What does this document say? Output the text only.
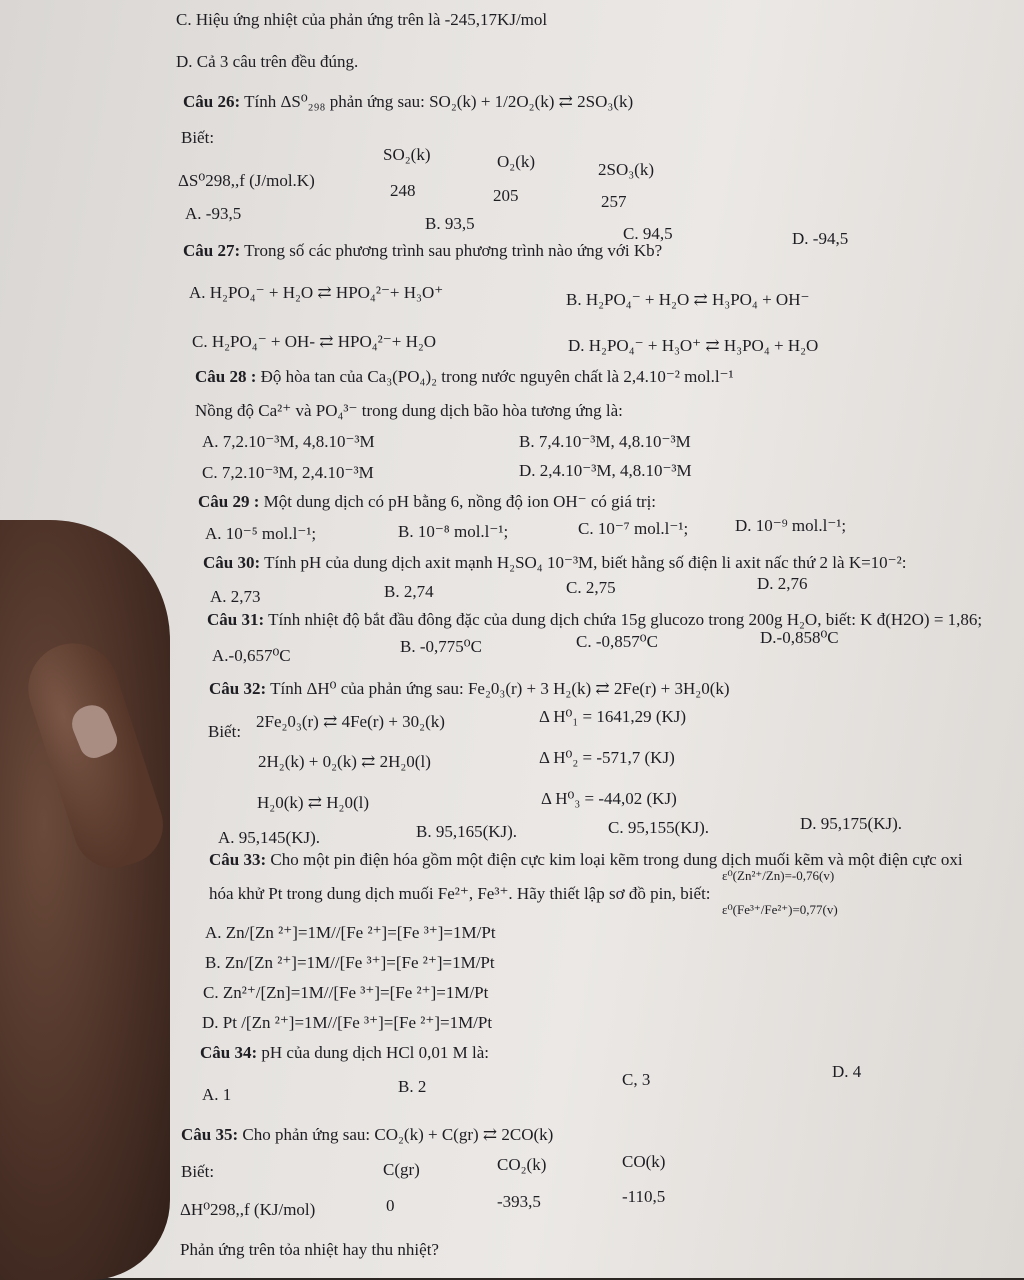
C. Hiệu ứng nhiệt của phản ứng trên là -245,17KJ/mol
D. Cả 3 câu trên đều đúng.
Câu 26: Tính ΔS⁰₂₉₈ phản ứng sau: SO₂(k) + 1/2O₂(k) ⇄ 2SO₃(k)
Biết:
SO₂(k)	O₂(k)	2SO₃(k)
ΔS⁰298,,f (J/mol.K)
248	205	257
A. -93,5
B. 93,5
C. 94,5	D. -94,5
Câu 27: Trong số các phương trình sau phương trình nào ứng với Kb?
A. H₂PO₄⁻ + H₂O ⇄ HPO₄²⁻+ H₃O⁺	B. H₂PO₄⁻ + H₂O ⇄ H₃PO₄ + OH⁻
C. H₂PO₄⁻ + OH- ⇄ HPO₄²⁻+ H₂O	D. H₂PO₄⁻ + H₃O⁺ ⇄ H₃PO₄ + H₂O
Câu 28 : Độ hòa tan của Ca₃(PO₄)₂ trong nước nguyên chất là 2,4.10⁻² mol.l⁻¹
Nồng độ Ca²⁺ và PO₄³⁻ trong dung dịch bão hòa tương ứng là:
A. 7,2.10⁻³M, 4,8.10⁻³M	B. 7,4.10⁻³M, 4,8.10⁻³M
C. 7,2.10⁻³M, 2,4.10⁻³M	D. 2,4.10⁻³M, 4,8.10⁻³M
Câu 29 : Một dung dịch có pH bằng 6, nồng độ ion OH⁻ có giá trị:
A. 10⁻⁵ mol.l⁻¹;	B. 10⁻⁸ mol.l⁻¹;	C. 10⁻⁷ mol.l⁻¹;	D. 10⁻⁹ mol.l⁻¹;
Câu 30: Tính pH của dung dịch axit mạnh H₂SO₄ 10⁻³M, biết hằng số điện li axit nấc thứ 2 là K=10⁻²:
A. 2,73	B. 2,74	C. 2,75	D. 2,76
Câu 31: Tính nhiệt độ bắt đầu đông đặc của dung dịch chứa 15g glucozo trong 200g H₂O, biết: K đ(H2O) = 1,86;
A.-0,657⁰C	B. -0,775⁰C	C. -0,857⁰C	D.-0,858⁰C
Câu 32: Tính ΔH⁰ của phản ứng sau: Fe₂0₃(r) + 3 H₂(k) ⇄ 2Fe(r) + 3H₂0(k)
Biết:
2Fe₂0₃(r) ⇄ 4Fe(r) + 30₂(k)	Δ H⁰₁ = 1641,29 (KJ)
2H₂(k) + 0₂(k) ⇄ 2H₂0(l)	Δ H⁰₂ = -571,7 (KJ)
H₂0(k) ⇄ H₂0(l)	Δ H⁰₃ = -44,02 (KJ)
A. 95,145(KJ).	B. 95,165(KJ).	C. 95,155(KJ).	D. 95,175(KJ).
Câu 33: Cho một pin điện hóa gồm một điện cực kim loại kẽm trong dung dịch muối kẽm và một điện cực oxi
hóa khử Pt trong dung dịch muối Fe²⁺, Fe³⁺. Hãy thiết lập sơ đồ pin, biết:
ε⁰(Zn²⁺/Zn)=-0,76(v)
ε⁰(Fe³⁺/Fe²⁺)=0,77(v)
A. Zn/[Zn ²⁺]=1M//[Fe ²⁺]=[Fe ³⁺]=1M/Pt
B. Zn/[Zn ²⁺]=1M//[Fe ³⁺]=[Fe ²⁺]=1M/Pt
C. Zn²⁺/[Zn]=1M//[Fe ³⁺]=[Fe ²⁺]=1M/Pt
D. Pt /[Zn ²⁺]=1M//[Fe ³⁺]=[Fe ²⁺]=1M/Pt
Câu 34: pH của dung dịch HCl 0,01 M là:
A. 1	B. 2	C, 3	D. 4
Câu 35: Cho phản ứng sau: CO₂(k) + C(gr) ⇄ 2CO(k)
Biết:	C(gr)	CO₂(k)	CO(k)
ΔH⁰298,,f (KJ/mol)	0	-393,5	-110,5
Phản ứng trên tỏa nhiệt hay thu nhiệt?
